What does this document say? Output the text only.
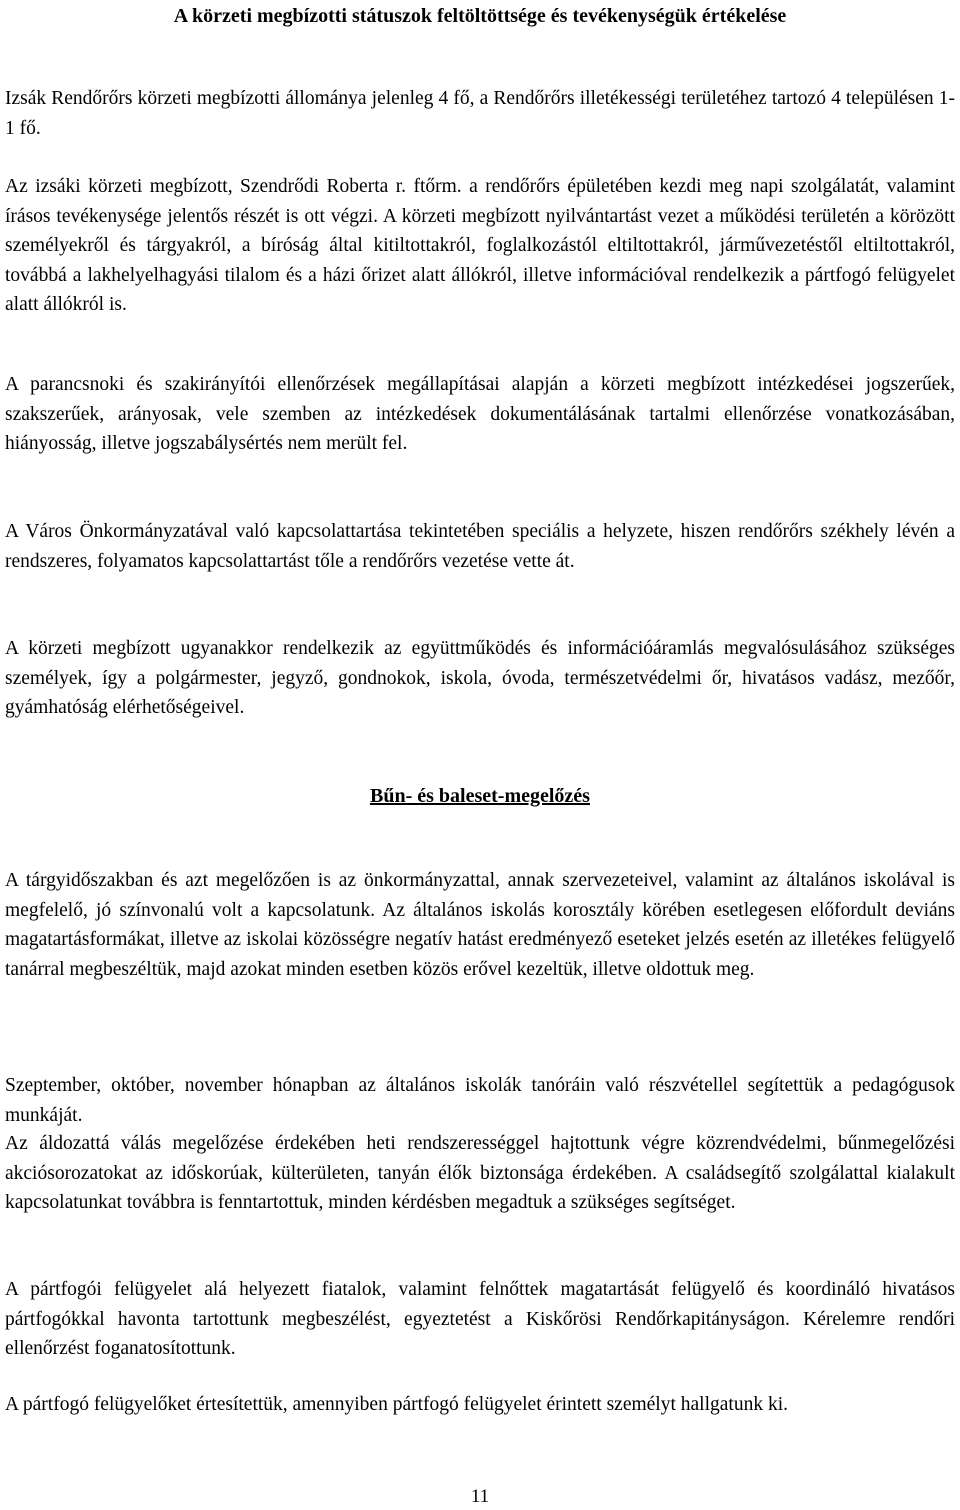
A körzeti megbízotti státuszok feltöltöttsége és tevékenységük értékelése

Izsák Rendőrőrs körzeti megbízotti állománya jelenleg 4 fő, a Rendőrőrs illetékességi területéhez tartozó 4 településen 1-1 fő.

Az izsáki körzeti megbízott, Szendrődi Roberta r. ftőrm. a rendőrőrs épületében kezdi meg napi szolgálatát, valamint írásos tevékenysége jelentős részét is ott végzi. A körzeti megbízott nyilvántartást vezet a működési területén a körözött személyekről és tárgyakról, a bíróság által kitiltottakról, foglalkozástól eltiltottakról, járművezetéstől eltiltottakról, továbbá a lakhelyelhagyási tilalom és a házi őrizet alatt állókról, illetve információval rendelkezik a pártfogó felügyelet alatt állókról is.

A parancsnoki és szakirányítói ellenőrzések megállapításai alapján a körzeti megbízott intézkedései jogszerűek, szakszerűek, arányosak, vele szemben az intézkedések dokumentálásának tartalmi ellenőrzése vonatkozásában, hiányosság, illetve jogszabálysértés nem merült fel.

A Város Önkormányzatával való kapcsolattartása tekintetében speciális a helyzete, hiszen rendőrőrs székhely lévén a rendszeres, folyamatos kapcsolattartást tőle a rendőrőrs vezetése vette át.

A körzeti megbízott ugyanakkor rendelkezik az együttműködés és információáramlás megvalósulásához szükséges személyek, így a polgármester, jegyző, gondnokok, iskola, óvoda, természetvédelmi őr, hivatásos vadász, mezőőr, gyámhatóság elérhetőségeivel.

Bűn- és baleset-megelőzés

A tárgyidőszakban és azt megelőzően is az önkormányzattal, annak szervezeteivel, valamint az általános iskolával is megfelelő, jó színvonalú volt a kapcsolatunk. Az általános iskolás korosztály körében esetlegesen előfordult deviáns magatartásformákat, illetve az iskolai közösségre negatív hatást eredményező eseteket jelzés esetén az illetékes felügyelő tanárral megbeszéltük, majd azokat minden esetben közös erővel kezeltük, illetve oldottuk meg.

Szeptember, október, november hónapban az általános iskolák tanóráin való részvétellel segítettük a pedagógusok munkáját.

Az áldozattá válás megelőzése érdekében heti rendszerességgel hajtottunk végre közrendvédelmi, bűnmegelőzési akciósorozatokat az időskorúak, külterületen, tanyán élők biztonsága érdekében. A családsegítő szolgálattal kialakult kapcsolatunkat továbbra is fenntartottuk, minden kérdésben megadtuk a szükséges segítséget.

A pártfogói felügyelet alá helyezett fiatalok, valamint felnőttek magatartását felügyelő és koordináló hivatásos pártfogókkal havonta tartottunk megbeszélést, egyeztetést a Kiskőrösi Rendőrkapitányságon. Kérelemre rendőri ellenőrzést foganatosítottunk.

A pártfogó felügyelőket értesítettük, amennyiben pártfogó felügyelet érintett személyt hallgatunk ki.

11
